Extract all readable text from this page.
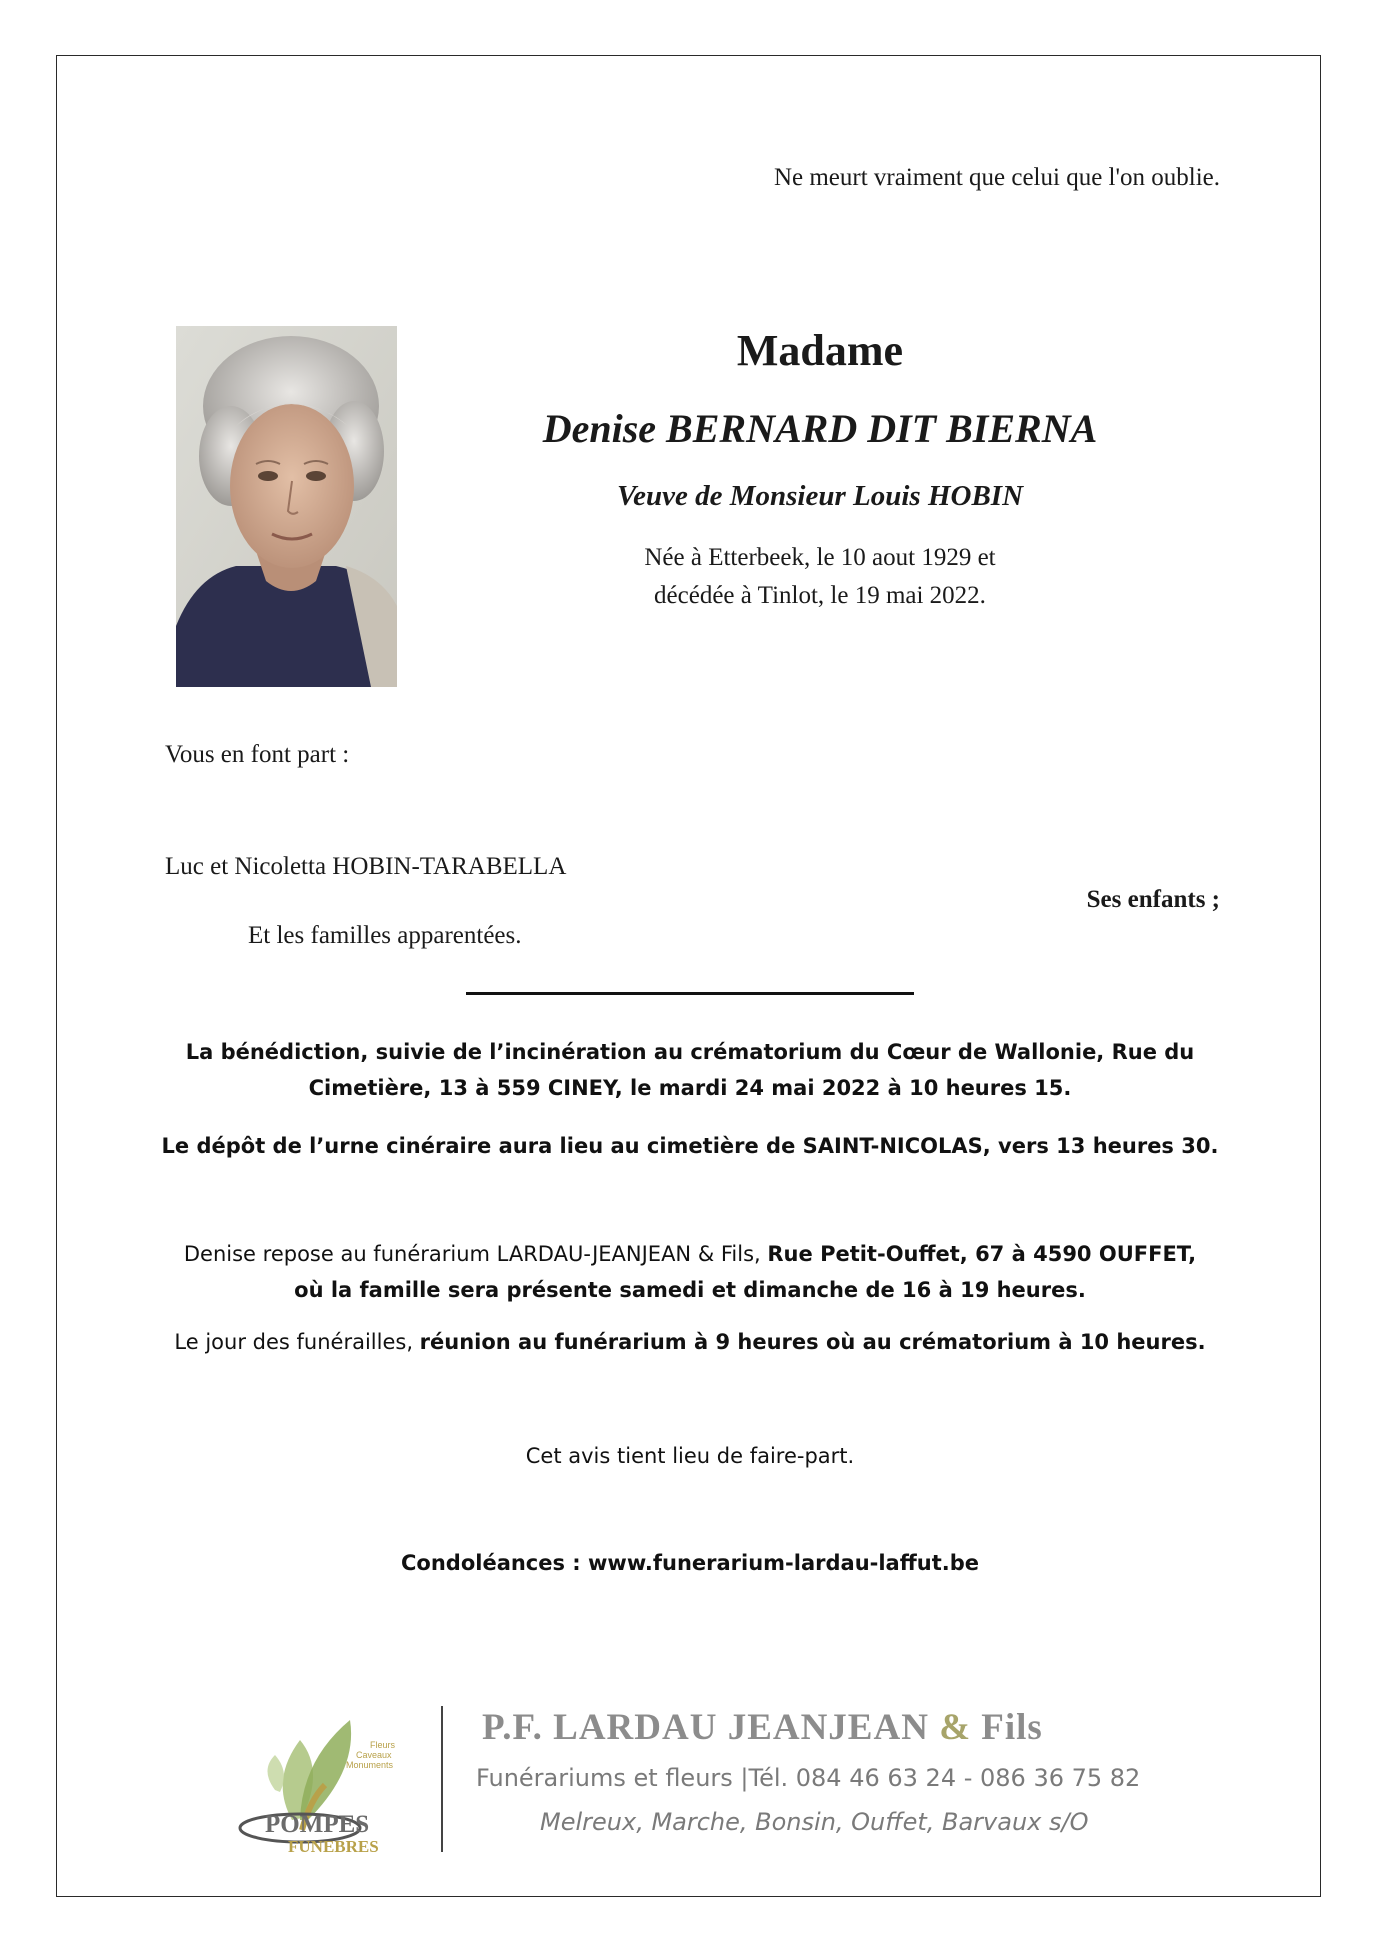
Ne meurt vraiment que celui que l'on oublie.
Madame
Denise BERNARD DIT BIERNA
Veuve de Monsieur Louis HOBIN
Née à Etterbeek, le 10 aout 1929 et
décédée à Tinlot, le 19 mai 2022.
Vous en font part :
Luc et Nicoletta HOBIN-TARABELLA
Ses enfants ;
Et les familles apparentées.
La bénédiction, suivie de l’incinération au crématorium du Cœur de Wallonie, Rue du
Cimetière, 13 à 559 CINEY, le mardi 24 mai 2022 à 10 heures 15.
Le dépôt de l’urne cinéraire aura lieu au cimetière de SAINT-NICOLAS, vers 13 heures 30.
Denise repose au funérarium LARDAU-JEANJEAN & Fils, Rue Petit-Ouffet, 67 à 4590 OUFFET,
où la famille sera présente samedi et dimanche de 16 à 19 heures.
Le jour des funérailles, réunion au funérarium à 9 heures où au crématorium à 10 heures.
Cet avis tient lieu de faire-part.
Condoléances : www.funerarium-lardau-laffut.be
Fleurs
Caveaux
Monuments
POMPES
FUNEBRES
P.F. LARDAU JEANJEAN & Fils
Funérariums et fleurs |Tél. 084 46 63 24 - 086 36 75 82
Melreux, Marche, Bonsin, Ouffet, Barvaux s/O
